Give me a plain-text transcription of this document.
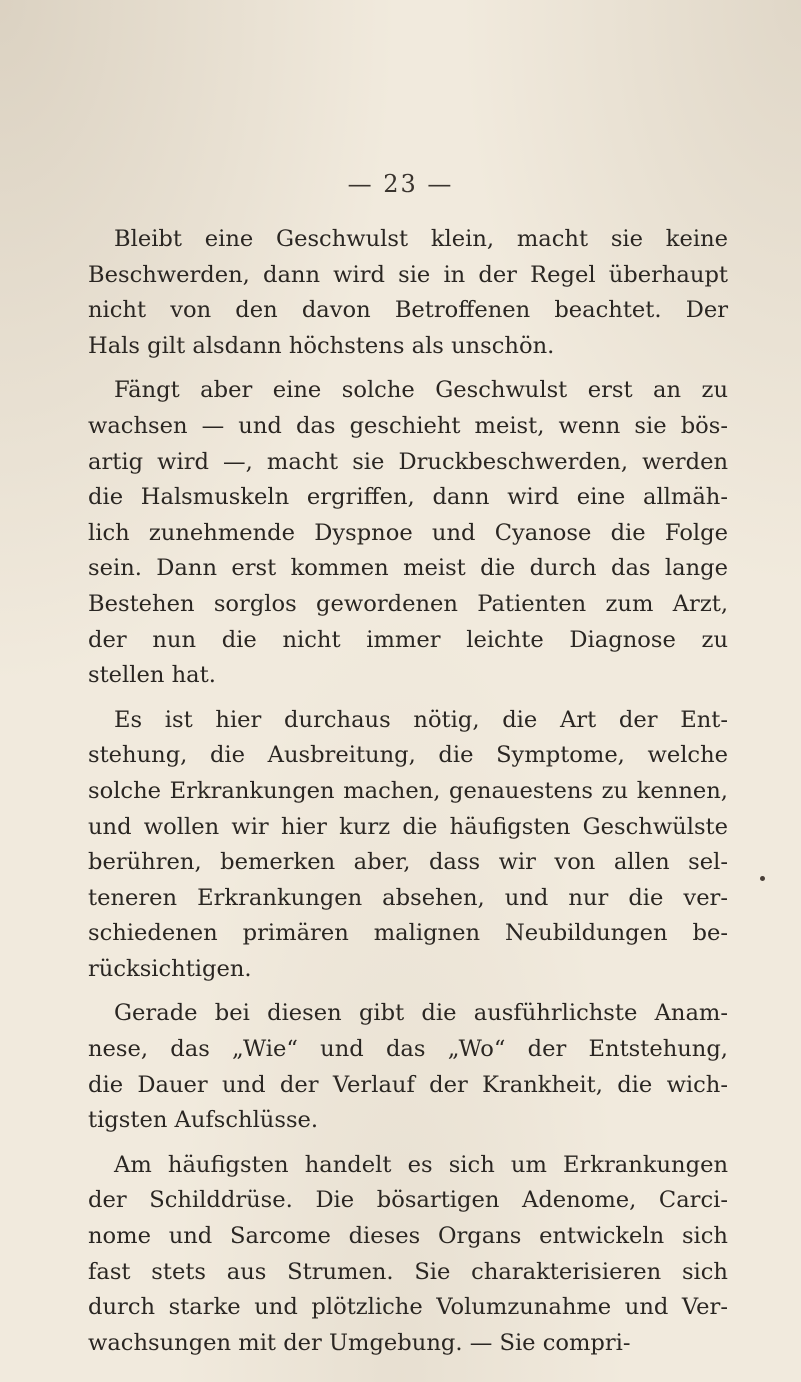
— 23 —
Bleibt eine Geschwulst klein, macht sie keine
Beschwerden, dann wird sie in der Regel überhaupt
nicht von den davon Betroffenen beachtet. Der
Hals gilt alsdann höchstens als unschön.
Fängt aber eine solche Geschwulst erst an zu
wachsen — und das geschieht meist, wenn sie bös-
artig wird —, macht sie Druckbeschwerden, werden
die Halsmuskeln ergriffen, dann wird eine allmäh-
lich zunehmende Dyspnoe und Cyanose die Folge
sein. Dann erst kommen meist die durch das lange
Bestehen sorglos gewordenen Patienten zum Arzt,
der nun die nicht immer leichte Diagnose zu
stellen hat.
Es ist hier durchaus nötig, die Art der Ent-
stehung, die Ausbreitung, die Symptome, welche
solche Erkrankungen machen, genauestens zu kennen,
und wollen wir hier kurz die häufigsten Geschwülste
berühren, bemerken aber, dass wir von allen sel-
teneren Erkrankungen absehen, und nur die ver-
schiedenen primären malignen Neubildungen be-
rücksichtigen.
Gerade bei diesen gibt die ausführlichste Anam-
nese, das „Wie“ und das „Wo“ der Entstehung,
die Dauer und der Verlauf der Krankheit, die wich-
tigsten Aufschlüsse.
Am häufigsten handelt es sich um Erkrankungen
der Schilddrüse. Die bösartigen Adenome, Carci-
nome und Sarcome dieses Organs entwickeln sich
fast stets aus Strumen. Sie charakterisieren sich
durch starke und plötzliche Volumzunahme und Ver-
wachsungen mit der Umgebung. — Sie compri-
